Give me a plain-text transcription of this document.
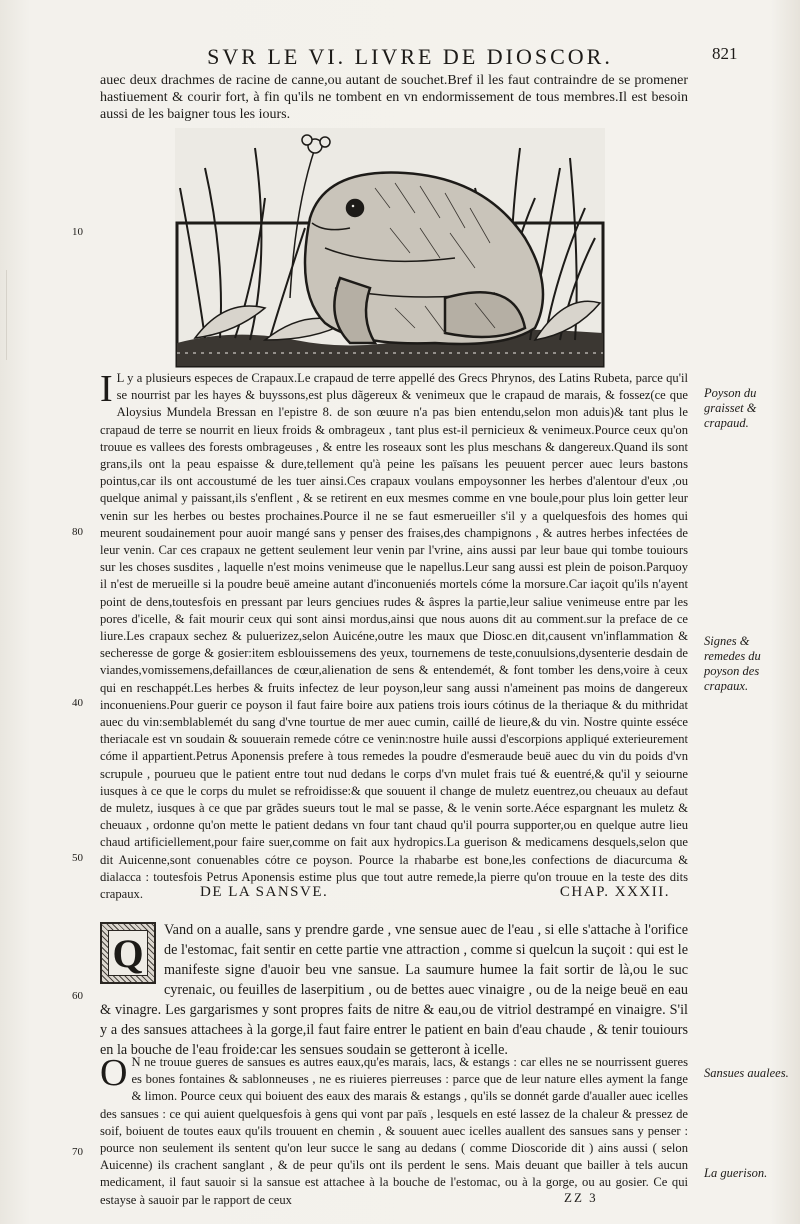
SVR LE VI. LIVRE DE DIOSCOR.	821

auec deux drachmes de racine de canne,ou autant de souchet.Bref il les faut contraindre de se promener hastiuement & courir fort, à fin qu'ils ne tombent en vn endormissement de tous membres.Il est besoin aussi de les baigner tous les iours.

10
I L y a plusieurs especes de Crapaux.Le crapaud de terre appellé des Grecs Phrynos, des Latins Rubeta, parce qu'il se nourrist par les hayes & buyssons,est plus dãgereux & venimeux que le crapaud de marais, & fossez(ce que Aloysius Mundela Bressan en l'epistre 8. de son œuure n'a pas bien entendu,selon mon aduis)& tant plus le crapaud de terre se nourrit en lieux froids & ombrageux , tant plus est-il pernicieux & venimeux.Pource ceux qu'on trouue es vallees des forests ombrageuses , & entre les roseaux sont les plus meschans & dangereux.Quand ils sont grans,ils ont la peau espaisse & dure,tellement qu'à peine les païsans les peuuent percer auec leurs bastons pointus,car ils ont accoustumé de les tuer ainsi.Ces crapaux voulans empoysonner les herbes d'alentour d'eux ,ou quelque animal y paissant,ils s'enflent , & se retirent en eux mesmes comme en vne boule,pour plus loin getter leur venin sur les herbes ou bestes prochaines.Pource il ne se faut esmerueiller s'il y a quelquesfois des homes qui meurent soudainement pour auoir mangé sans y penser des fraises,des champignons , & autres herbes infectées de leur venin. Car ces crapaux ne gettent seulement leur venin par l'vrine, ains aussi par leur baue qui tombe touiours sur les choses susdites , laquelle n'est moins venimeuse que le napellus.Leur sang aussi est plein de poison.Parquoy il n'est de merueille si la poudre beuë ameine autant d'inconueniés mortels cóme la morsure.Car iaçoit qu'ils n'ayent point de dens,toutesfois en pressant par leurs genciues rudes & âspres la partie,leur saliue venimeuse entre par les pores d'icelle, & fait mourir ceux qui sont ainsi mordus,ainsi que nous auons dit au comment.sur la preface de ce liure.Les crapaux sechez & puluerizez,selon Auicéne,outre les maux que Diosc.en dit,causent vn'inflammation & secheresse de gorge & gosier:item esblouissemens des yeux, tournemens de teste,conuulsions,dysenterie desdain de viandes,vomissemens,defaillances de cœur,alienation de sens & entendemét, & font tomber les dens,voire à ceux qui en reschappét.Les herbes & fruits infectez de leur poyson,leur sang aussi n'ameinent pas moins de dangereux inconueniens.Pour guerir ce poyson il faut faire boire aux patiens trois iours cótinus de la theriaque & du mithridat auec du vin:semblablemét du sang d'vne tourtue de mer auec cumin, caillé de lieure,& du vin. Nostre quinte esséce theriacale est vn soudain & souuerain remede cótre ce venin:nostre huile aussi d'escorpions appliqué exterieurement cóme il appartient.Petrus Aponensis prefere à tous remedes la poudre d'esmeraude beuë auec du vin du poids d'vn scrupule , pourueu que le patient entre tout nud dedans le corps d'vn mulet frais tué & euentré,& qu'il y seiourne iusques à ce que le corps du mulet se refroidisse:& que souuent il change de muletz euentrez,ou cheuaux au defaut de muletz, iusques à ce que par grãdes sueurs tout le mal se passe, & le venin sorte.Aéce espargnant les muletz & cheuaux , ordonne qu'on mette le patient dedans vn four tant chaud qu'il pourra supporter,ou en quelque autre lieu chaud artificiellement,pour faire suer,comme on fait aux hydropics.La guerison & medicamens desquels,selon que dit Auicenne,sont conuenables cótre ce poyson. Pource la rhabarbe est bone,les confections de diacurcuma & dialacca : toutesfois Petrus Aponensis estime plus que tout autre remede,la pierre qu'on trouue en la teste des dits crapaux.

80
40
50
DE LA SANSVE.	CHAP. XXXII.
Q

Vand on a aualle, sans y prendre garde , vne sensue auec de l'eau , si elle s'attache à l'orifice de l'estomac, fait sentir en cette partie vne attraction , comme si quelcun la suçoit : qui est le manifeste signe d'auoir beu vne sansue. La saumure humee la fait sortir de là,ou le suc cyrenaic, ou feuilles de laserpitium , ou de bettes auec vinaigre , ou de la neige beuë en eau & vinagre. Les gargarismes y sont propres faits de nitre & eau,ou de vitriol destrampé en vinaigre. S'il y a des sansues attachees à la gorge,il faut faire entrer le patient en bain d'eau chaude , & tenir touiours en la bouche de l'eau froide:car les sensues soudain se getteront à icelle.

60
O N ne trouue gueres de sansues es autres eaux,qu'es marais, lacs, & estangs : car elles ne se nourrissent gueres es bones fontaines & sablonneuses , ne es riuieres pierreuses : parce que de leur nature elles ayment la fange & limon. Pource ceux qui boiuent des eaux des marais & estangs , qu'ils se donnét garde d'aualler auec icelles des sansues : ce qui auient quelquesfois à gens qui vont par païs , lesquels en esté lassez de la chaleur & pressez de soif, boiuent de toutes eaux qu'ils trouuent en chemin , & souuent auec icelles auallent des sansues sans y penser : pource non seulement ils sentent qu'on leur succe le sang au dedans ( comme Dioscoride dit ) ains aussi ( selon Auicenne) ils crachent sanglant , & de peur qu'ils ont ils perdent le sens. Mais deuant que bailler à tels aucun medicament, il faut sauoir si la sansue est attachee à la bouche de l'estomac, ou à la gorge, ou au gosier. Ce qui estayse à sauoir par le rapport de ceux

70
Poyson du graisset & crapaud.
Signes & remedes du poyson des crapaux.
Sansues aualees.
La guerison.
ZZ 3
